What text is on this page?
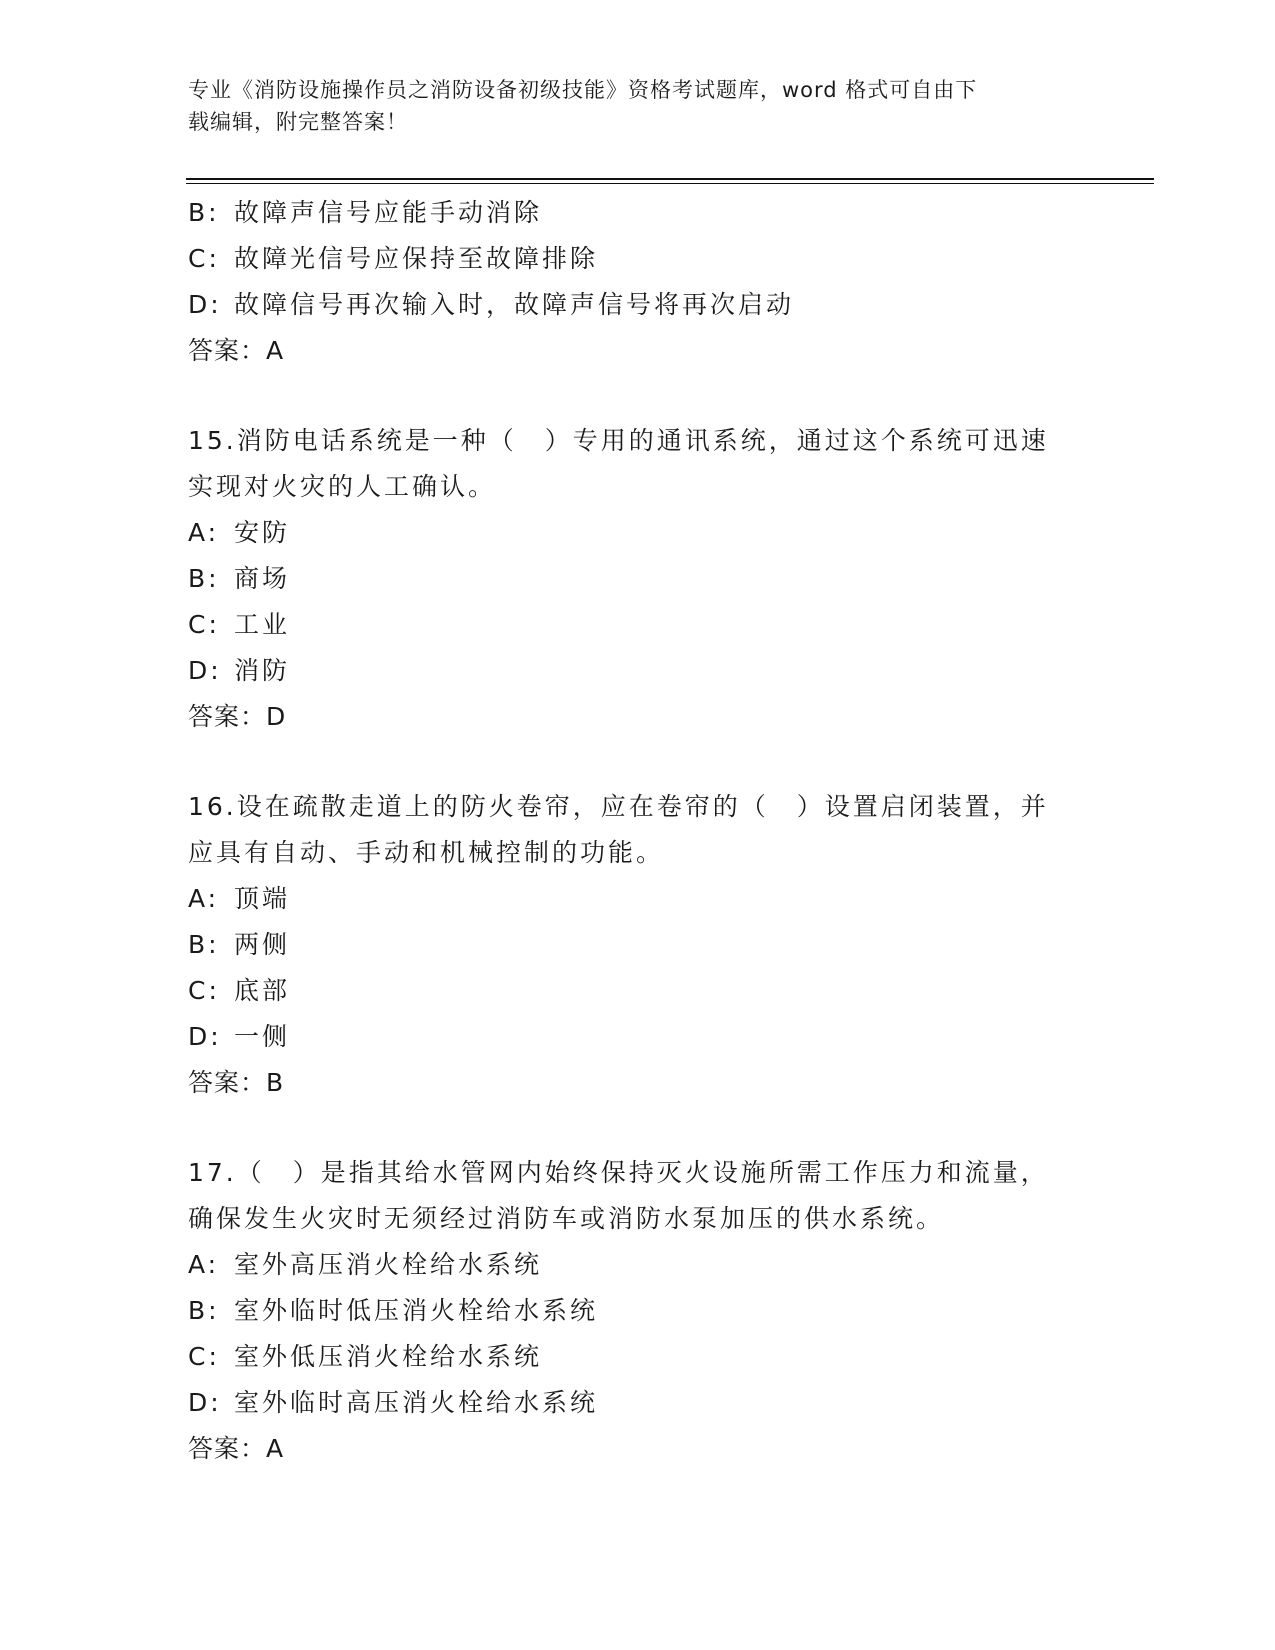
专业《消防设施操作员之消防设备初级技能》资格考试题库，word 格式可自由下
载编辑，附完整答案！
B: 故障声信号应能手动消除
C: 故障光信号应保持至故障排除
D: 故障信号再次输入时，故障声信号将再次启动
答案：A
15.消防电话系统是一种（　）专用的通讯系统，通过这个系统可迅速
实现对火灾的人工确认。
A: 安防
B: 商场
C: 工业
D: 消防
答案：D
16.设在疏散走道上的防火卷帘，应在卷帘的（　）设置启闭装置，并
应具有自动、手动和机械控制的功能。
A: 顶端
B: 两侧
C: 底部
D: 一侧
答案：B
17.（　）是指其给水管网内始终保持灭火设施所需工作压力和流量，
确保发生火灾时无须经过消防车或消防水泵加压的供水系统。
A: 室外高压消火栓给水系统
B: 室外临时低压消火栓给水系统
C: 室外低压消火栓给水系统
D: 室外临时高压消火栓给水系统
答案：A
